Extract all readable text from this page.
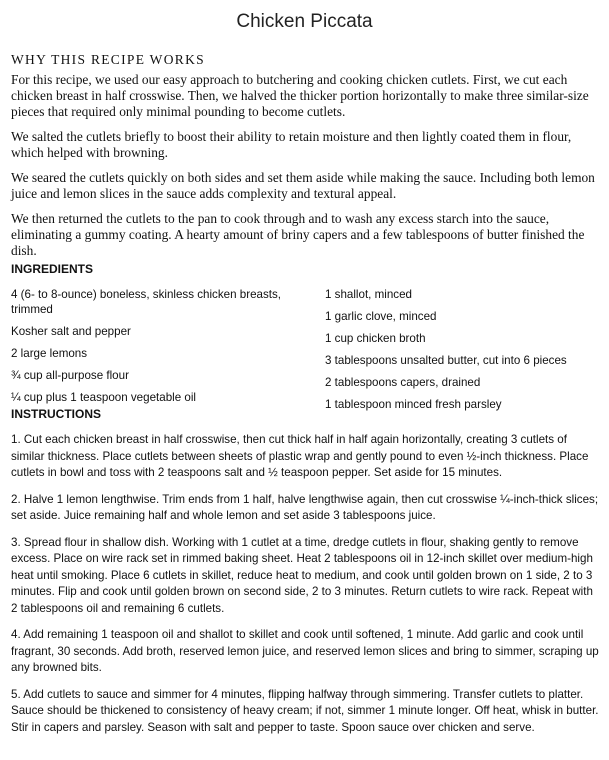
Chicken Piccata
WHY THIS RECIPE WORKS

For this recipe, we used our easy approach to butchering and cooking chicken cutlets. First, we cut each chicken breast in half crosswise. Then, we halved the thicker portion horizontally to make three similar-size pieces that required only minimal pounding to become cutlets.

We salted the cutlets briefly to boost their ability to retain moisture and then lightly coated them in flour, which helped with browning.

We seared the cutlets quickly on both sides and set them aside while making the sauce. Including both lemon juice and lemon slices in the sauce adds complexity and textural appeal.

We then returned the cutlets to the pan to cook through and to wash any excess starch into the sauce, eliminating a gummy coating. A hearty amount of briny capers and a few tablespoons of butter finished the dish.

INGREDIENTS
4 (6- to 8-ounce) boneless, skinless chicken breasts, trimmed
Kosher salt and pepper
2 large lemons
¾ cup all-purpose flour
¼ cup plus 1 teaspoon vegetable oil
1 shallot, minced
1 garlic clove, minced
1 cup chicken broth
3 tablespoons unsalted butter, cut into 6 pieces
2 tablespoons capers, drained
1 tablespoon minced fresh parsley
INSTRUCTIONS

1. Cut each chicken breast in half crosswise, then cut thick half in half again horizontally, creating 3 cutlets of similar thickness. Place cutlets between sheets of plastic wrap and gently pound to even ½-inch thickness. Place cutlets in bowl and toss with 2 teaspoons salt and ½ teaspoon pepper. Set aside for 15 minutes.

2. Halve 1 lemon lengthwise. Trim ends from 1 half, halve lengthwise again, then cut crosswise ¼-inch-thick slices; set aside. Juice remaining half and whole lemon and set aside 3 tablespoons juice.

3. Spread flour in shallow dish. Working with 1 cutlet at a time, dredge cutlets in flour, shaking gently to remove excess. Place on wire rack set in rimmed baking sheet. Heat 2 tablespoons oil in 12-inch skillet over medium-high heat until smoking. Place 6 cutlets in skillet, reduce heat to medium, and cook until golden brown on 1 side, 2 to 3 minutes. Flip and cook until golden brown on second side, 2 to 3 minutes. Return cutlets to wire rack. Repeat with 2 tablespoons oil and remaining 6 cutlets.

4. Add remaining 1 teaspoon oil and shallot to skillet and cook until softened, 1 minute. Add garlic and cook until fragrant, 30 seconds. Add broth, reserved lemon juice, and reserved lemon slices and bring to simmer, scraping up any browned bits.

5. Add cutlets to sauce and simmer for 4 minutes, flipping halfway through simmering. Transfer cutlets to platter. Sauce should be thickened to consistency of heavy cream; if not, simmer 1 minute longer. Off heat, whisk in butter. Stir in capers and parsley. Season with salt and pepper to taste. Spoon sauce over chicken and serve.
